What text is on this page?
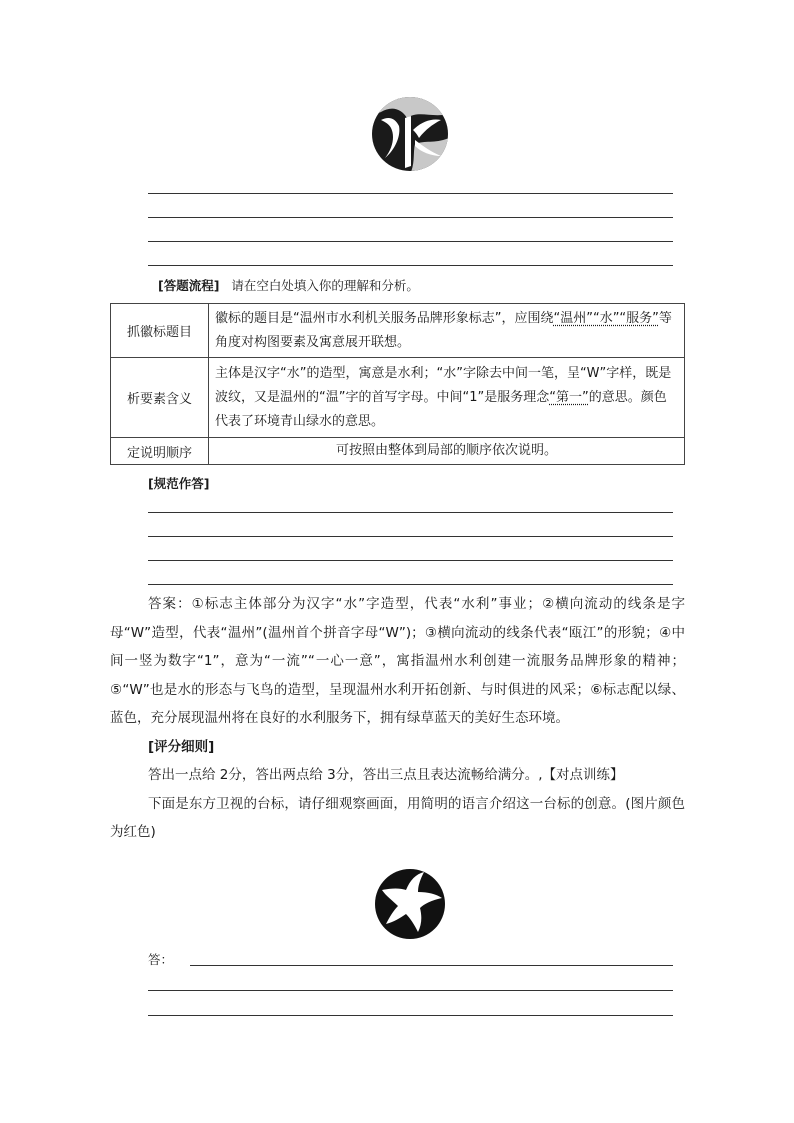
[答题流程] 请在空白处填入你的理解和分析。
抓徽标题目	徽标的题目是“温州市水利机关服务品牌形象标志”，应围绕“温州”“水”“服务”等角度对构图要素及寓意展开联想。
析要素含义	主体是汉字“水”的造型，寓意是水利；“水”字除去中间一笔，呈“W”字样，既是波纹，又是温州的“温”字的首写字母。中间“1”是服务理念“第一”的意思。颜色代表了环境青山绿水的意思。
定说明顺序	可按照由整体到局部的顺序依次说明。
[规范作答]

答案：①标志主体部分为汉字“水”字造型，代表“水利”事业；②横向流动的线条是字母“W”造型，代表“温州”(温州首个拼音字母“W”)；③横向流动的线条代表“瓯江”的形貌；④中间一竖为数字“1”，意为“一流”“一心一意”，寓指温州水利创建一流服务品牌形象的精神；⑤“W”也是水的形态与飞鸟的造型，呈现温州水利开拓创新、与时俱进的风采；⑥标志配以绿、蓝色，充分展现温州将在良好的水利服务下，拥有绿草蓝天的美好生态环境。

[评分细则]

答出一点给 2分，答出两点给 3分，答出三点且表达流畅给满分。,【对点训练】

下面是东方卫视的台标，请仔细观察画面，用简明的语言介绍这一台标的创意。(图片颜色为红色)

答：
